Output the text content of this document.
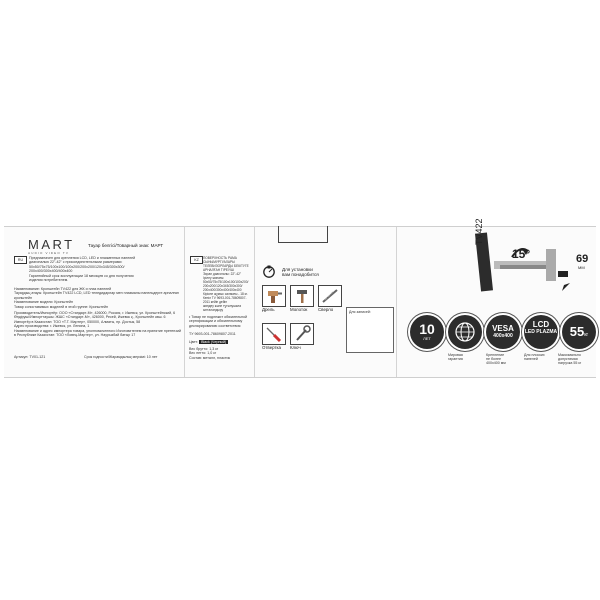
MART
AUDIO VIDEO TV
Тауар белгісі/Товарный знак: МАРТ
RU	Предназначен для крепления LCD, LED и плазменных панелей
диагональю 22"-42" с присоединительными размерами:
50x50/75x75/100x100/100x200/200x200/120x345/300x300/
200x400/300x400/400x400
Гарантийный срок эксплуатации 18 месяцев со дня получения
изделия потребителем.
Наименование: Кронштейн TV422 для ЖК и плаз панелей
Тауардың атауы: Кронштейн TV422 LCD, LED теледидарлар мен плазмалы панельдерге арналған кронштейн
Наименование модели: Кронштейн
Товар сопоставимых моделей в этой группе: Кронштейн
Производитель/Импортёр: ООО «Стандарт-М», 426000, Россия, г. Ижевск, ул. Кронштейнский, 6
Өндіруші/Импорттаушы: ЖШС «Стандарт-М», 426000, Ресей, Ижевск қ., Кронштейн көш. 6
Импортёр в Казахстан: ТОО «Т.Т. Мартер», 050000, Алматы, пр. Достык, 58
Адрес производства: г. Ижевск, ул. Ленина, 1
Наименование и адрес импортера товара, уполномоченного Изготовителем на принятие претензий
в Республике Казахстан: ТОО «Ловец-Мартер», ул. Наурызбай батыр 17
Артикул: TV01-121	Срок годности/Жарамдылық мерзімі: 10 лет
KZ
Для установки
вам понадобится
Дрель	Молоток Сверло
Отвертка Ключ
Для записей:
• Товар не подлежит обязательной
сертификации и обязательному
декларированию соответствия
ТУ 9693-001-78609807-2011
Цвет: Black (Черный)
Вес брутто: 1,3 кг
Вес нетто: 1,0 кг
Состав: металл, пластик
TV422
15°	69
MM
10
ЛЕТ
VESA
400x400
LCD
LED PLAZMA 55кг
Мировая
гарантия
Крепление
не более
400x400 мм
Для плоских
панелей
Максимально
допустимая
нагрузка 55 кг
ПОВЕРХНОСТЬ РАМА СЫНЫМУРГУАЛАРЫ
ТЕЛЕВИЗОРЛАРДЫ БЕКІТУГЕ АРНАЛҒАН ТІРЕУІШ
Экран диагоналы: 22"-42"
Ірілеу жинағы: 50x50/75x75/100x100/100x200/
200x200/120x345/300x300/ 200x400/300x400/400x400
Кіріспе жұмыс салмағы - 18 кг.
Кепіл TV 9693-001-78609807-2011 кейін дейін
жөндеу және тұтынушыға ынталандыру
